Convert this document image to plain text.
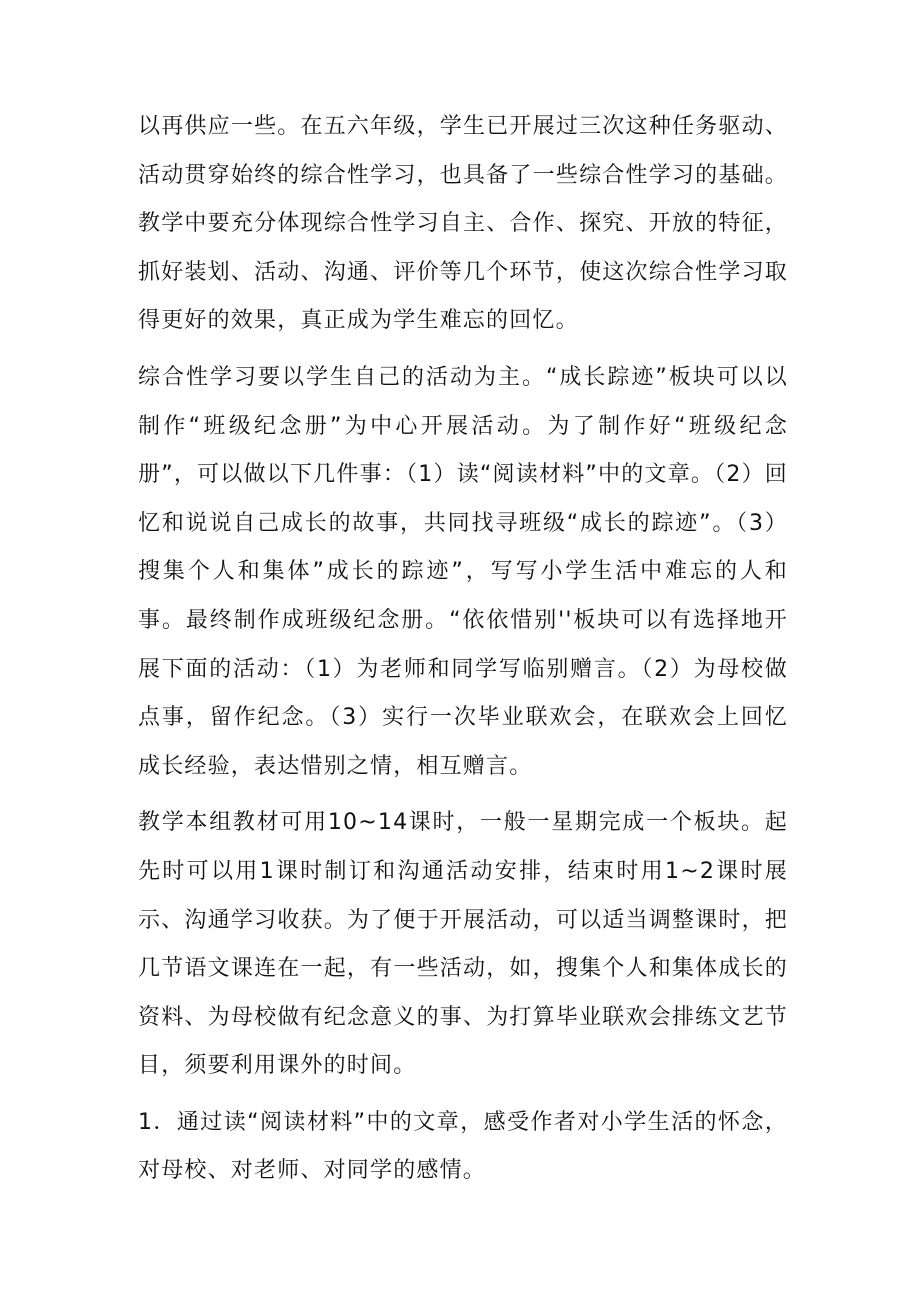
以再供应一些。在五六年级，学生已开展过三次这种任务驱动、活动贯穿始终的综合性学习，也具备了一些综合性学习的基础。教学中要充分体现综合性学习自主、合作、探究、开放的特征，抓好装划、活动、沟通、评价等几个环节，使这次综合性学习取得更好的效果，真正成为学生难忘的回忆。

综合性学习要以学生自己的活动为主。“成长踪迹”板块可以以制作“班级纪念册”为中心开展活动。为了制作好“班级纪念册”，可以做以下几件事：（1）读“阅读材料”中的文章。（2）回忆和说说自己成长的故事，共同找寻班级“成长的踪迹”。（3）搜集个人和集体”成长的踪迹”，写写小学生活中难忘的人和事。最终制作成班级纪念册。“依依惜别''板块可以有选择地开展下面的活动：（1）为老师和同学写临别赠言。（2）为母校做点事，留作纪念。（3）实行一次毕业联欢会，在联欢会上回忆成长经验，表达惜别之情，相互赠言。

教学本组教材可用10~14课时，一般一星期完成一个板块。起先时可以用1课时制订和沟通活动安排，结束时用1~2课时展示、沟通学习收获。为了便于开展活动，可以适当调整课时，把几节语文课连在一起，有一些活动，如，搜集个人和集体成长的资料、为母校做有纪念意义的事、为打算毕业联欢会排练文艺节目，须要利用课外的时间。

1．通过读“阅读材料”中的文章，感受作者对小学生活的怀念，对母校、对老师、对同学的感情。
